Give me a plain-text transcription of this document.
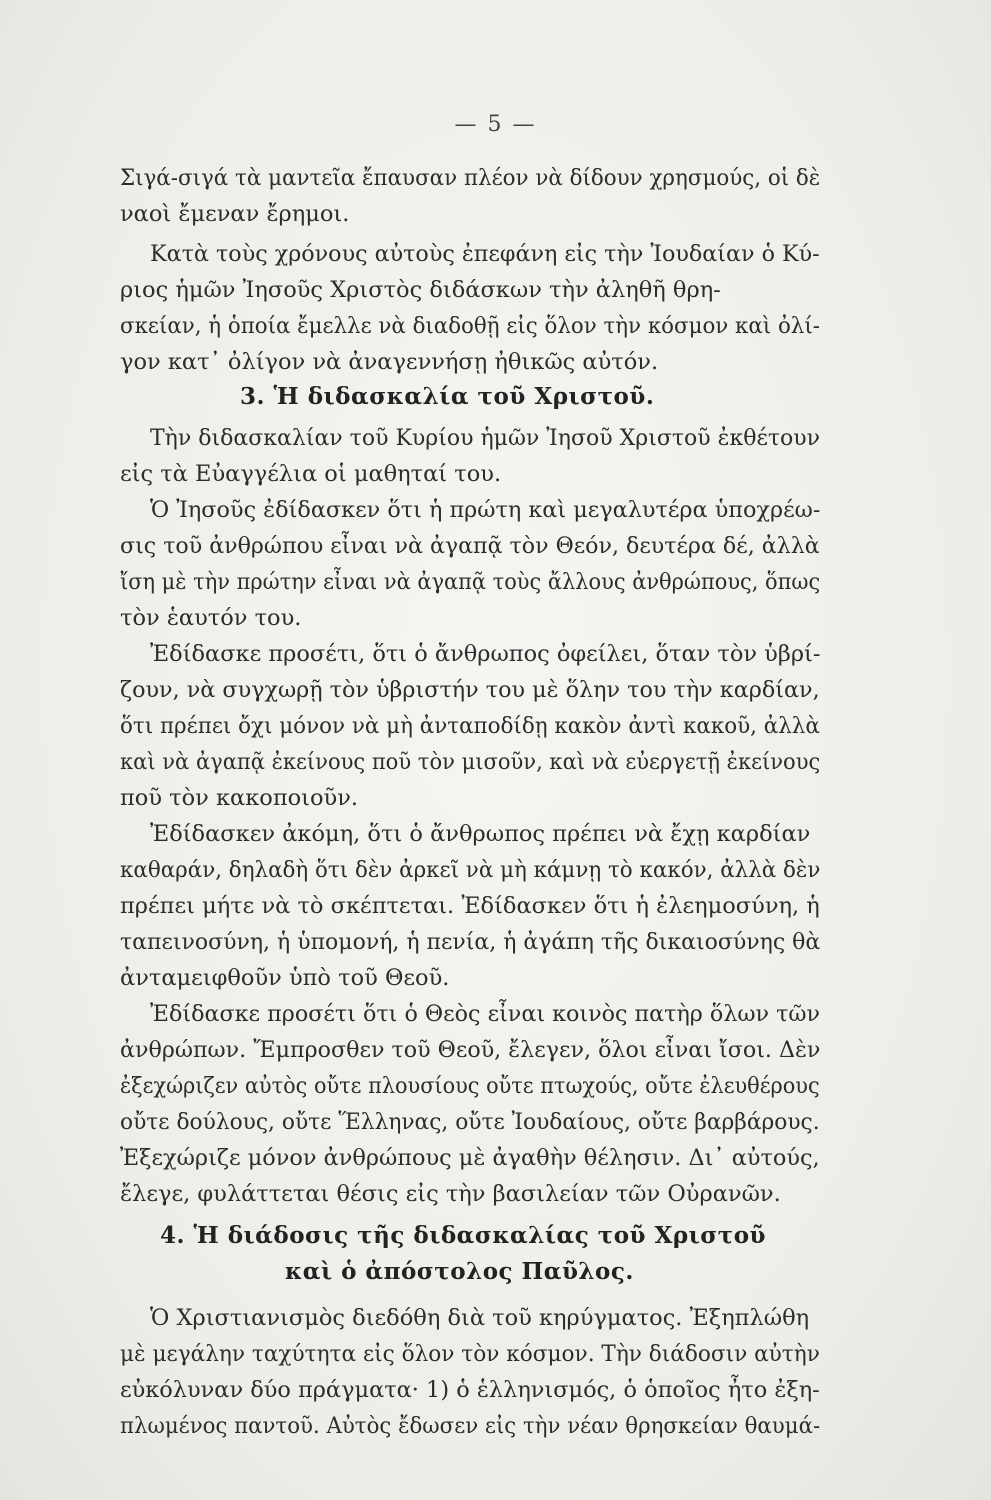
— 5 —
Σιγά-σιγά τὰ μαντεῖα ἔπαυσαν πλέον νὰ δίδουν χρησμούς, οἱ δὲ
ναοὶ ἔμεναν ἔρημοι.
Κατὰ τοὺς χρόνους αὐτοὺς ἐπεφάνη εἰς τὴν Ἰουδαίαν ὁ Κύ-
ριος ἡμῶν Ἰησοῦς Χριστὸς διδάσκων τὴν ἀληθῆ θρη-
σκείαν, ἡ ὁποία ἔμελλε νὰ διαδοθῇ εἰς ὅλον τὴν κόσμον καὶ ὀλί-
γον κατ᾽ ὀλίγον νὰ ἀναγεννήσῃ ἠθικῶς αὐτόν.
3. Ἡ διδασκαλία τοῦ Χριστοῦ.
Τὴν διδασκαλίαν τοῦ Κυρίου ἡμῶν Ἰησοῦ Χριστοῦ ἐκθέτουν
εἰς τὰ Εὐαγγέλια οἱ μαθηταί του.
Ὁ Ἰησοῦς ἐδίδασκεν ὅτι ἡ πρώτη καὶ μεγαλυτέρα ὑποχρέω-
σις τοῦ ἀνθρώπου εἶναι νὰ ἀγαπᾷ τὸν Θεόν, δευτέρα δέ, ἀλλὰ
ἴση μὲ τὴν πρώτην εἶναι νὰ ἀγαπᾷ τοὺς ἄλλους ἀνθρώπους, ὅπως
τὸν ἑαυτόν του.
Ἐδίδασκε προσέτι, ὅτι ὁ ἄνθρωπος ὀφείλει, ὅταν τὸν ὑβρί-
ζουν, νὰ συγχωρῇ τὸν ὑβριστήν του μὲ ὅλην του τὴν καρδίαν,
ὅτι πρέπει ὄχι μόνον νὰ μὴ ἀνταποδίδῃ κακὸν ἀντὶ κακοῦ, ἀλλὰ
καὶ νὰ ἀγαπᾷ ἐκείνους ποῦ τὸν μισοῦν, καὶ νὰ εὐεργετῇ ἐκείνους
ποῦ τὸν κακοποιοῦν.
Ἐδίδασκεν ἀκόμη, ὅτι ὁ ἄνθρωπος πρέπει νὰ ἔχῃ καρδίαν
καθαράν, δηλαδὴ ὅτι δὲν ἀρκεῖ νὰ μὴ κάμνῃ τὸ κακόν, ἀλλὰ δὲν
πρέπει μήτε νὰ τὸ σκέπτεται. Ἐδίδασκεν ὅτι ἡ ἐλεημοσύνη, ἡ
ταπεινοσύνη, ἡ ὑπομονή, ἡ πενία, ἡ ἀγάπη τῆς δικαιοσύνης θὰ
ἀνταμειφθοῦν ὑπὸ τοῦ Θεοῦ.
Ἐδίδασκε προσέτι ὅτι ὁ Θεὸς εἶναι κοινὸς πατὴρ ὅλων τῶν
ἀνθρώπων. Ἔμπροσθεν τοῦ Θεοῦ, ἔλεγεν, ὅλοι εἶναι ἴσοι. Δὲν
ἐξεχώριζεν αὐτὸς οὔτε πλουσίους οὔτε πτωχούς, οὔτε ἐλευθέρους
οὔτε δούλους, οὔτε Ἕλληνας, οὔτε Ἰουδαίους, οὔτε βαρβάρους.
Ἐξεχώριζε μόνον ἀνθρώπους μὲ ἀγαθὴν θέλησιν. Δι᾽ αὐτούς,
ἔλεγε, φυλάττεται θέσις εἰς τὴν βασιλείαν τῶν Οὐρανῶν.
4. Ἡ διάδοσις τῆς διδασκαλίας τοῦ Χριστοῦ
καὶ ὁ ἀπόστολος Παῦλος.
Ὁ Χριστιανισμὸς διεδόθη διὰ τοῦ κηρύγματος. Ἐξηπλώθη
μὲ μεγάλην ταχύτητα εἰς ὅλον τὸν κόσμον. Τὴν διάδοσιν αὐτὴν
εὐκόλυναν δύο πράγματα· 1) ὁ ἑλληνισμός, ὁ ὁποῖος ἦτο ἐξη-
πλωμένος παντοῦ. Αὐτὸς ἔδωσεν εἰς τὴν νέαν θρησκείαν θαυμά-
